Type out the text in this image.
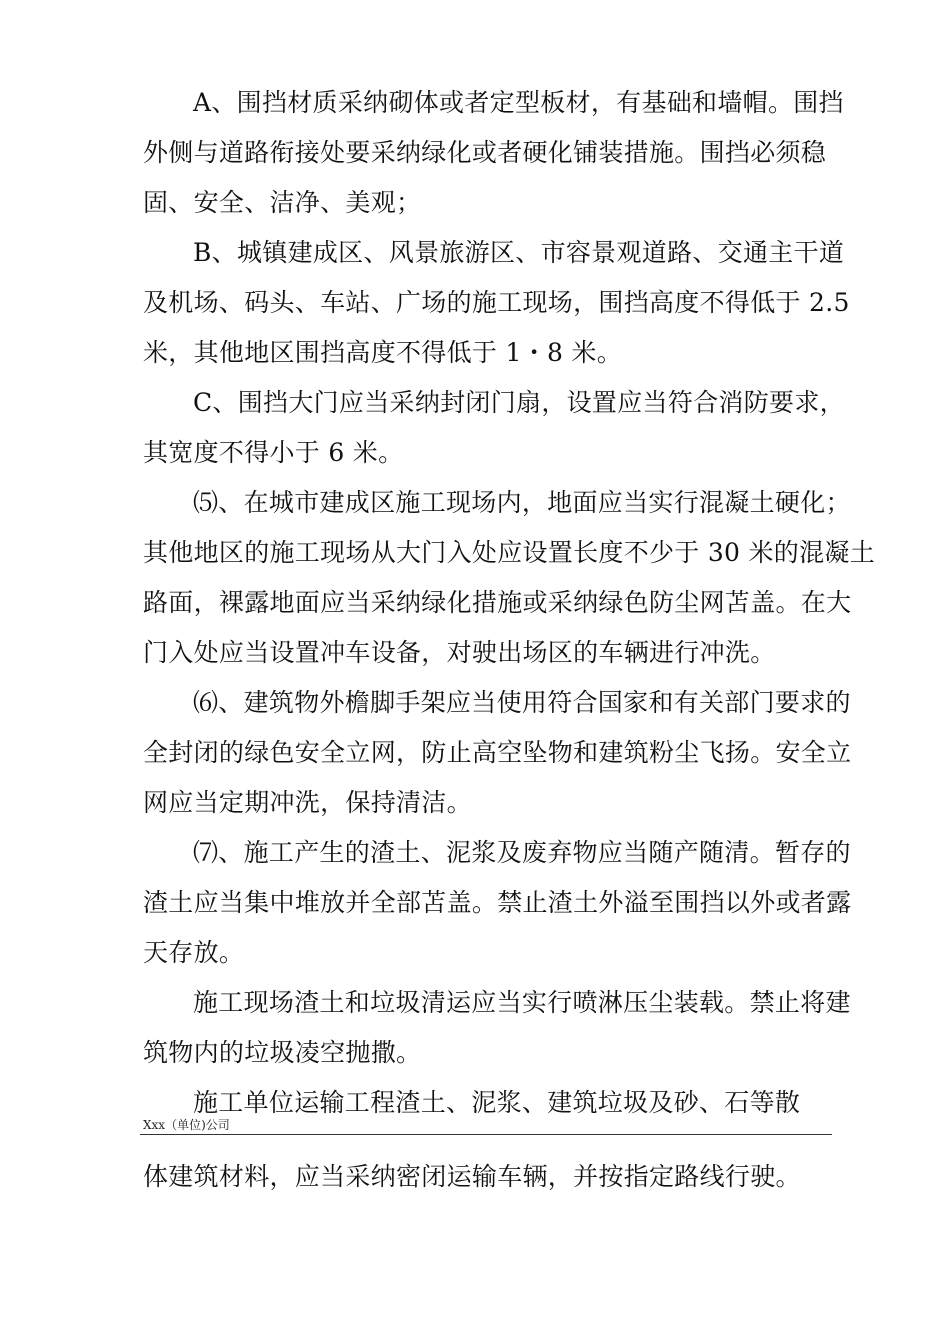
A、围挡材质采纳砌体或者定型板材，有基础和墙帽。围挡
外侧与道路衔接处要采纳绿化或者硬化铺装措施。围挡必须稳
固、安全、洁净、美观；
B、城镇建成区、风景旅游区、市容景观道路、交通主干道
及机场、码头、车站、广场的施工现场，围挡高度不得低于 2.5
米，其他地区围挡高度不得低于 1・8 米。
C、围挡大门应当采纳封闭门扇，设置应当符合消防要求，
其宽度不得小于 6 米。
⑸、在城市建成区施工现场内，地面应当实行混凝土硬化；
其他地区的施工现场从大门入处应设置长度不少于 30 米的混凝土
路面，裸露地面应当采纳绿化措施或采纳绿色防尘网苫盖。在大
门入处应当设置冲车设备，对驶出场区的车辆进行冲洗。
⑹、建筑物外檐脚手架应当使用符合国家和有关部门要求的
全封闭的绿色安全立网，防止高空坠物和建筑粉尘飞扬。安全立
网应当定期冲洗，保持清洁。
⑺、施工产生的渣土、泥浆及废弃物应当随产随清。暂存的
渣土应当集中堆放并全部苫盖。禁止渣土外溢至围挡以外或者露
天存放。
施工现场渣土和垃圾清运应当实行喷淋压尘装载。禁止将建
筑物内的垃圾凌空抛撒。
施工单位运输工程渣土、泥浆、建筑垃圾及砂、石等散
Xxx（单位)公司
体建筑材料，应当采纳密闭运输车辆，并按指定路线行驶。
